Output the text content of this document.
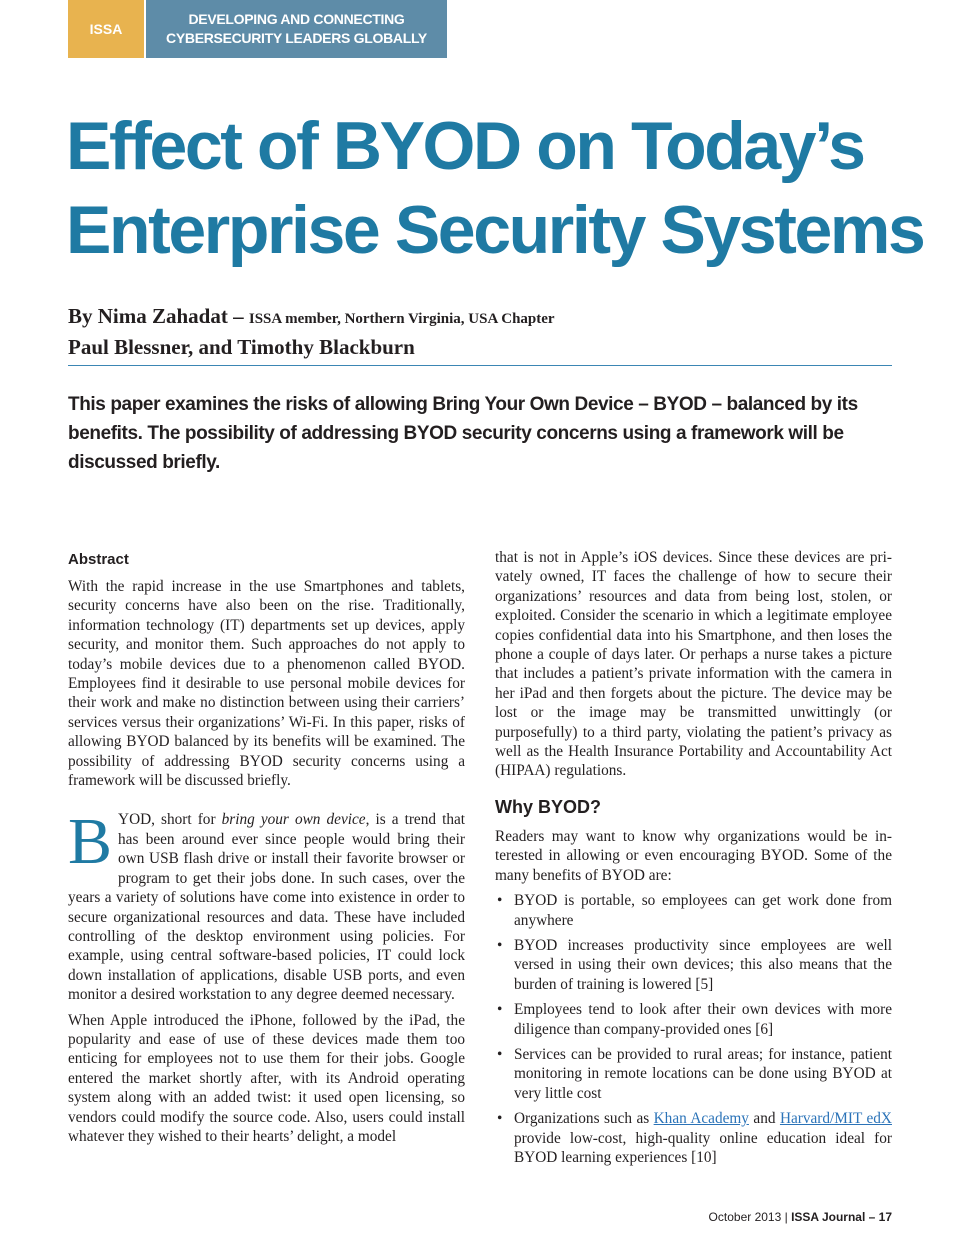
ISSA
DEVELOPING AND CONNECTING
CYBERSECURITY LEADERS GLOBALLY
Effect of BYOD on Today’s
Enterprise Security Systems
By Nima Zahadat – ISSA member, Northern Virginia, USA Chapter
Paul Blessner, and Timothy Blackburn
This paper examines the risks of allowing Bring Your Own Device – BYOD – balanced by its
benefits. The possibility of addressing BYOD security concerns using a framework will be
discussed briefly.
Abstract

With the rapid increase in the use Smartphones and tablets, security concerns have also been on the rise. Traditionally, information technology (IT) departments set up devices, apply security, and monitor them. Such approaches do not apply to today’s mobile devices due to a phenomenon called BYOD. Employees find it desirable to use personal mobile devices for their work and make no distinction between using their carriers’ services versus their organizations’ Wi-Fi. In this paper, risks of allowing BYOD balanced by its benefits will be examined. The possibility of addressing BYOD security concerns using a framework will be discussed briefly.

BYOD, short for bring your own device, is a trend that has been around ever since people would bring their own USB flash drive or install their favorite browser or program to get their jobs done. In such cases, over the years a variety of solutions have come into existence in order to secure organizational resources and data. These have included controlling of the desktop environment using policies. For example, using central software-based policies, IT could lock down installation of applications, disable USB ports, and even monitor a desired workstation to any degree deemed necessary.

When Apple introduced the iPhone, followed by the iPad, the popularity and ease of use of these devices made them too enticing for employees not to use them for their jobs. Google entered the market shortly after, with its Android operating system along with an added twist: it used open licensing, so vendors could modify the source code. Also, users could install whatever they wished to their hearts’ delight, a model

that is not in Apple’s iOS devices. Since these devices are privately owned, IT faces the challenge of how to secure their organizations’ resources and data from being lost, stolen, or exploited. Consider the scenario in which a legitimate employee copies confidential data into his Smartphone, and then loses the phone a couple of days later. Or perhaps a nurse takes a picture that includes a patient’s private information with the camera in her iPad and then forgets about the picture. The device may be lost or the image may be transmitted unwittingly (or purposefully) to a third party, violating the patient’s privacy as well as the Health Insurance Portability and Accountability Act (HIPAA) regulations.

Why BYOD?

Readers may want to know why organizations would be interested in allowing or even encouraging BYOD. Some of the many benefits of BYOD are:

• BYOD is portable, so employees can get work done from anywhere
• BYOD increases productivity since employees are well versed in using their own devices; this also means that the burden of training is lowered [5]
• Employees tend to look after their own devices with more diligence than company-provided ones [6]
• Services can be provided to rural areas; for instance, patient monitoring in remote locations can be done using BYOD at very little cost
• Organizations such as Khan Academy and Harvard/MIT edX provide low-cost, high-quality online education ideal for BYOD learning experiences [10]
October 2013 | ISSA Journal – 17
